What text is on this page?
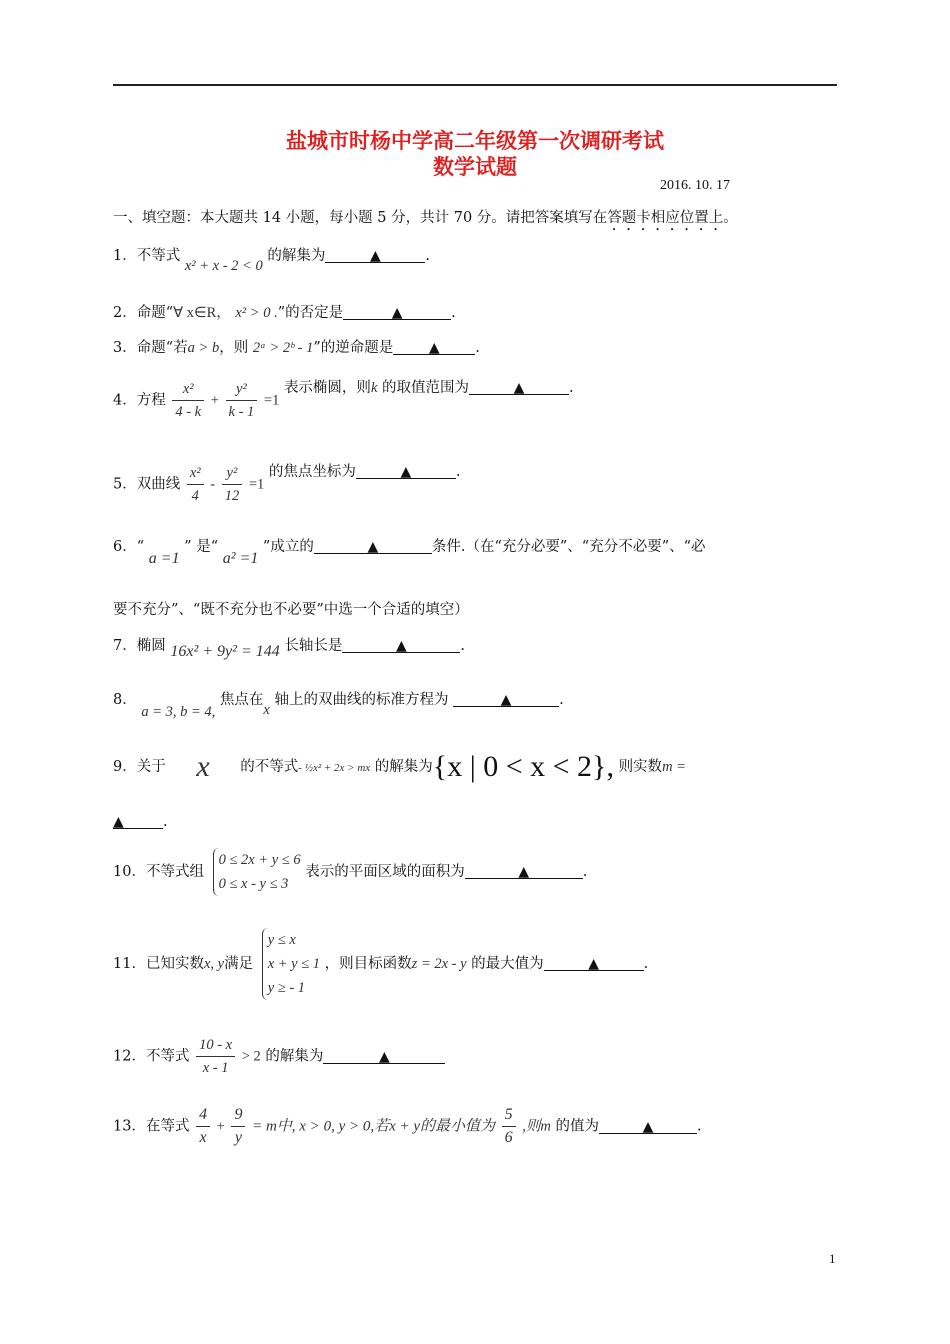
盐城市时杨中学高二年级第一次调研考试
数学试题
2016. 10. 17
一、填空题：本大题共 14 小题，每小题 5 分，共计 70 分。请把答案填写在答题卡相应位置上。
1．不等式 x² + x - 2 < 0 的解集为	▲	.
2．命题“∀ x∈R， x² > 0 .”的否定是	▲	.
3．命题“若a > b，则 2ᵃ > 2ᵇ - 1”的逆命题是	▲ .
4．方程 $\frac{\text{x²}}{4 - k} + \frac{\text{y²}}{k - 1} =1$ 表示椭圆，则k 的取值范围为	▲	.
5．双曲线 $\frac{\text{x²}}{4} - \frac{\text{y²}}{12} =1$ 的焦点坐标为	▲	.
6．“ a =1 ” 是“ a² =1 ”成立的	▲	条件.（在“充分必要”、“充分不必要”、“必
要不充分”、“既不充分也不必要”中选一个合适的填空）
7．椭圆 16x² + 9y² = 144 长轴长是	▲	.
8． a = 3, b = 4, 焦点在x 轴上的双曲线的标准方程为	▲	.
9．关于 x 的不等式- ½x² + 2x > mx 的解集为{x | 0 < x < 2}, 则实数m =
▲	.
10．不等式组
0 ≤ 2x + y ≤ 6
0 ≤ x - y ≤ 3
表示的平面区域的面积为	▲	.
11．已知实数x, y满足
y ≤ x
x + y ≤ 1
y ≥ - 1
，则目标函数z = 2x - y 的最大值为	▲	.
12．不等式 $\frac{10 - x}{x - 1} > 2$ 的解集为	▲
13．在等式 $\frac{4}{x} + \frac{9}{y} = m$中, x > 0, y > 0,若x + y的最小值为 $\frac{5}{6}$ ,则m 的值为	▲	.
1
